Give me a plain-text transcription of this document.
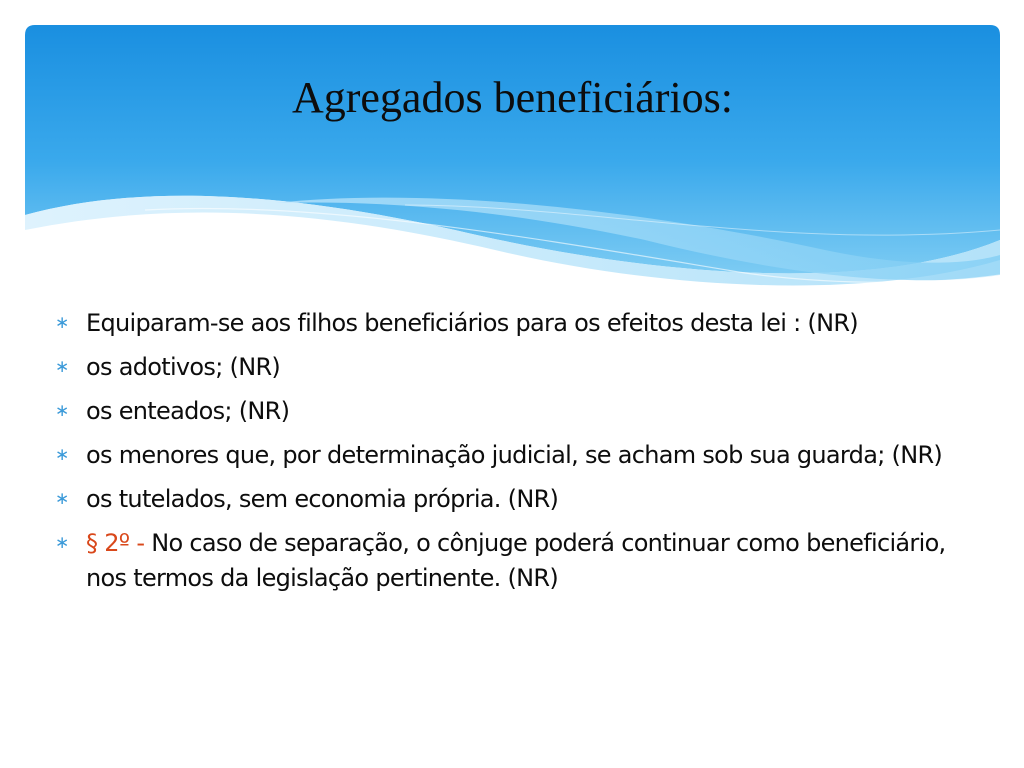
Agregados beneficiários:
∗ Equiparam-se aos filhos beneficiários para os efeitos desta lei : (NR)
∗ os adotivos; (NR)
∗ os enteados; (NR)
∗ os menores que, por determinação judicial, se acham sob sua guarda; (NR)
∗ os tutelados, sem economia própria. (NR)
∗ § 2º - No caso de separação, o cônjuge poderá continuar como beneficiário, nos termos da legislação pertinente. (NR)
